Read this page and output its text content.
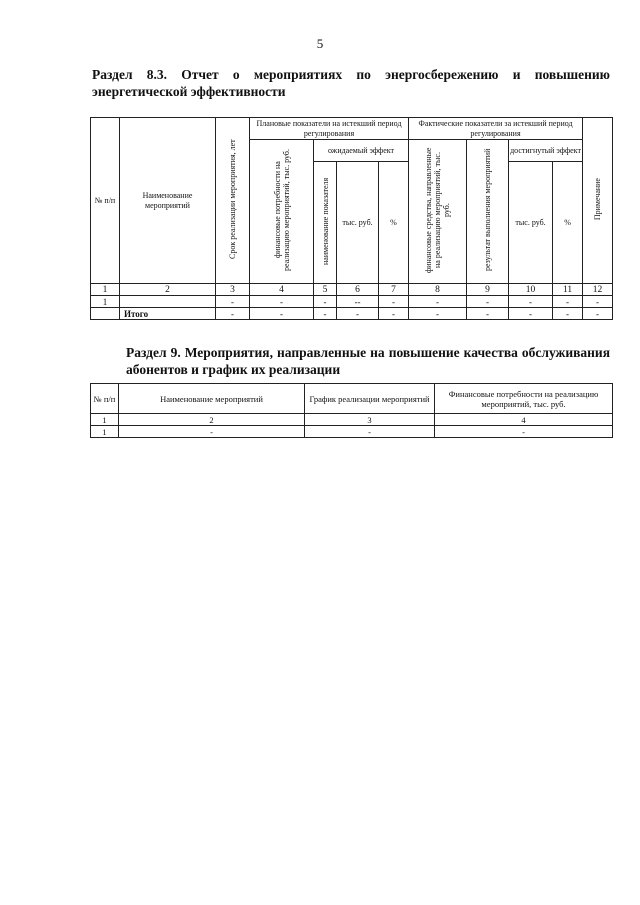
5
Раздел 8.3. Отчет о мероприятиях по энергосбережению и повышению энергетической эффективности
№ п/п	Наименование мероприятий	Срок реализации мероприятия, лет	Плановые показатели на истекший период регулирования				Фактические показатели за истекший период регулирования				Примечание
			финансовые потребности на реализацию мероприятий, тыс. руб.	ожидаемый эффект			финансовые средства, направленные на реализацию мероприятий, тыс. руб.	результат выполнения мероприятий	достигнутый эффект		
				наименование показателя	тыс. руб.	%			тыс. руб.	%	

1	2	3	4	5	6	7	8	9	10	11	12
1		-	-	-	--	-	-	-	-	-	-
	Итого	-	-	-	-	-	-	-	-	-	-
Раздел 9. Мероприятия, направленные на повышение качества обслуживания абонентов и график их реализации
№ п/п	Наименование мероприятий	График реализации мероприятий	Финансовые потребности на реализацию мероприятий, тыс. руб.
1	2	3	4
1	-	-	-
